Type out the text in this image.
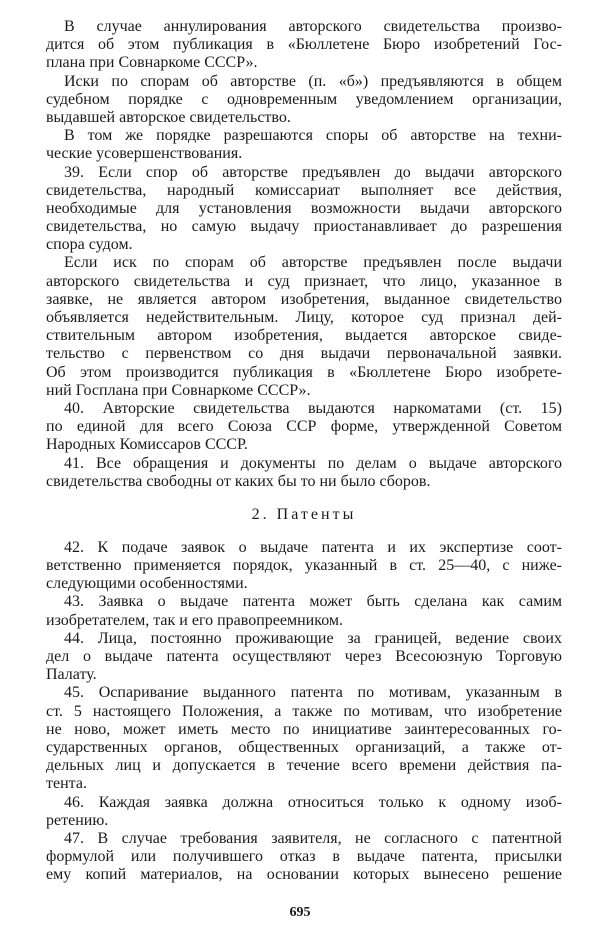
В случае аннулирования авторского свидетельства произво-
дится об этом публикация в «Бюллетене Бюро изобретений Гос-
плана при Совнаркоме СССР».
Иски по спорам об авторстве (п. «б») предъявляются в общем
судебном порядке с одновременным уведомлением организации,
выдавшей авторское свидетельство.
В том же порядке разрешаются споры об авторстве на техни-
ческие усовершенствования.
39. Если спор об авторстве предъявлен до выдачи авторского
свидетельства, народный комиссариат выполняет все действия,
необходимые для установления возможности выдачи авторского
свидетельства, но самую выдачу приостанавливает до разрешения
спора судом.
Если иск по спорам об авторстве предъявлен после выдачи
авторского свидетельства и суд признает, что лицо, указанное в
заявке, не является автором изобретения, выданное свидетельство
объявляется недействительным. Лицу, которое суд признал дей-
ствительным автором изобретения, выдается авторское свиде-
тельство с первенством со дня выдачи первоначальной заявки.
Об этом производится публикация в «Бюллетене Бюро изобрете-
ний Госплана при Совнаркоме СССР».
40. Авторские свидетельства выдаются наркоматами (ст. 15)
по единой для всего Союза ССР форме, утвержденной Советом
Народных Комиссаров СССР.
41. Все обращения и документы по делам о выдаче авторского
свидетельства свободны от каких бы то ни было сборов.
2. Патенты
42. К подаче заявок о выдаче патента и их экспертизе соот-
ветственно применяется порядок, указанный в ст. 25—40, с ниже-
следующими особенностями.
43. Заявка о выдаче патента может быть сделана как самим
изобретателем, так и его правопреемником.
44. Лица, постоянно проживающие за границей, ведение своих
дел о выдаче патента осуществляют через Всесоюзную Торговую
Палату.
45. Оспаривание выданного патента по мотивам, указанным в
ст. 5 настоящего Положения, а также по мотивам, что изобретение
не ново, может иметь место по инициативе заинтересованных го-
сударственных органов, общественных организаций, а также от-
дельных лиц и допускается в течение всего времени действия па-
тента.
46. Каждая заявка должна относиться только к одному изоб-
ретению.
47. В случае требования заявителя, не согласного с патентной
формулой или получившего отказ в выдаче патента, присылки
ему копий материалов, на основании которых вынесено решение
695
